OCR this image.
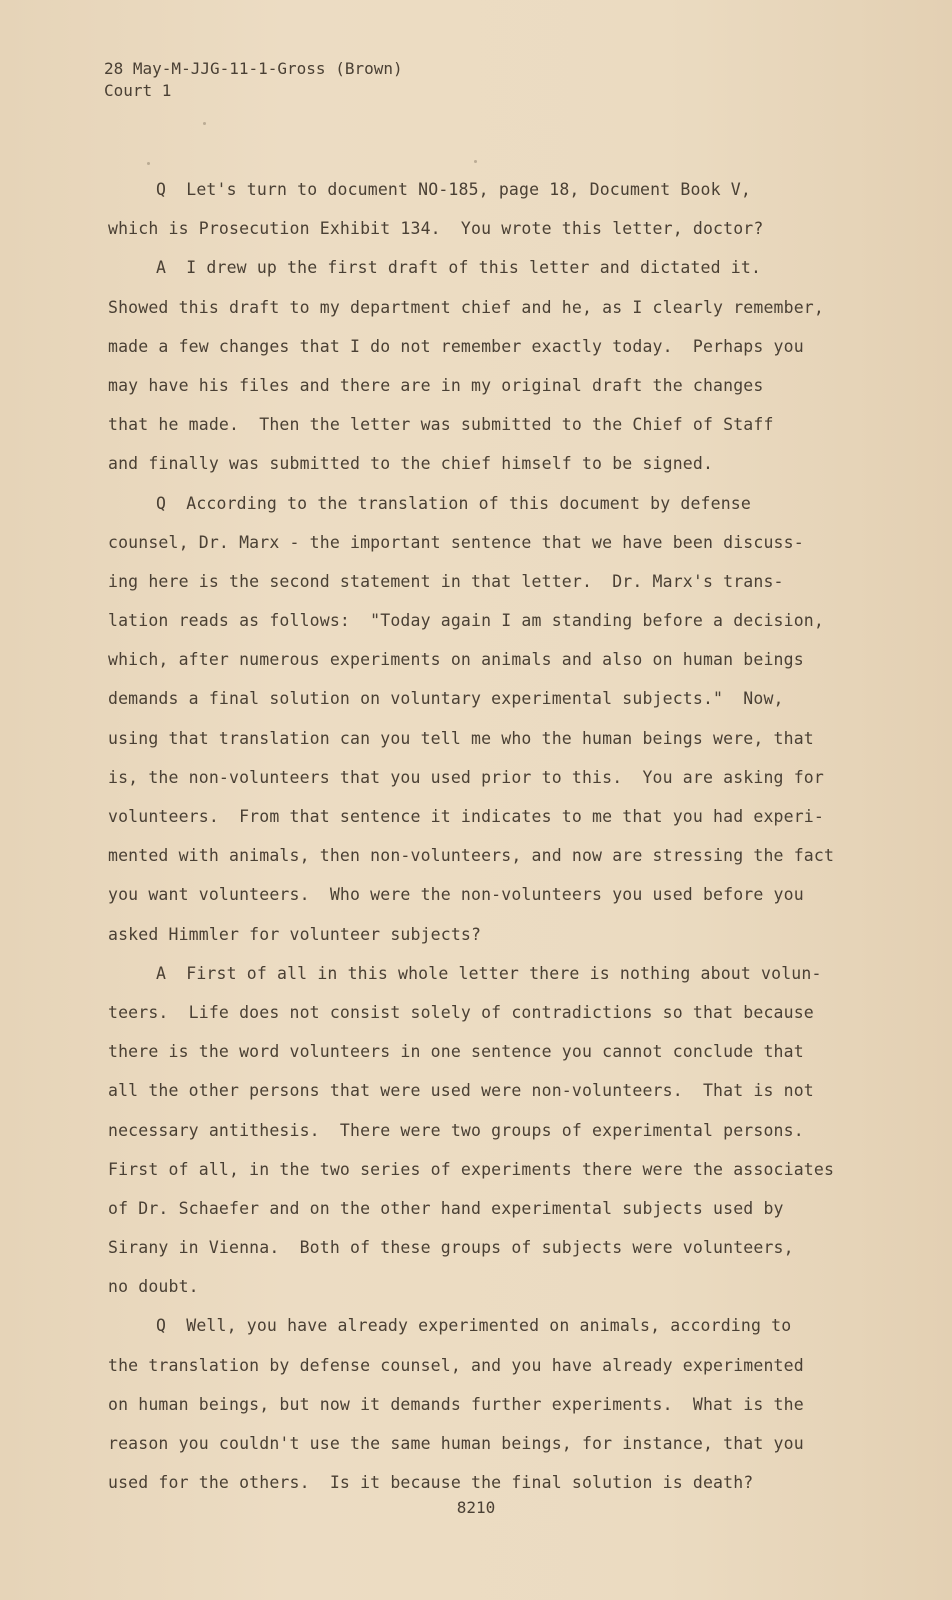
28 May-M-JJG-11-1-Gross (Brown)
Court 1
Q  Let's turn to document NO-185, page 18, Document Book V,
which is Prosecution Exhibit 134.  You wrote this letter, doctor?
A  I drew up the first draft of this letter and dictated it.
Showed this draft to my department chief and he, as I clearly remember,
made a few changes that I do not remember exactly today.  Perhaps you
may have his files and there are in my original draft the changes
that he made.  Then the letter was submitted to the Chief of Staff
and finally was submitted to the chief himself to be signed.
Q  According to the translation of this document by defense
counsel, Dr. Marx - the important sentence that we have been discuss-
ing here is the second statement in that letter.  Dr. Marx's trans-
lation reads as follows:  "Today again I am standing before a decision,
which, after numerous experiments on animals and also on human beings
demands a final solution on voluntary experimental subjects."  Now,
using that translation can you tell me who the human beings were, that
is, the non-volunteers that you used prior to this.  You are asking for
volunteers.  From that sentence it indicates to me that you had experi-
mented with animals, then non-volunteers, and now are stressing the fact
you want volunteers.  Who were the non-volunteers you used before you
asked Himmler for volunteer subjects?
A  First of all in this whole letter there is nothing about volun-
teers.  Life does not consist solely of contradictions so that because
there is the word volunteers in one sentence you cannot conclude that
all the other persons that were used were non-volunteers.  That is not
necessary antithesis.  There were two groups of experimental persons.
First of all, in the two series of experiments there were the associates
of Dr. Schaefer and on the other hand experimental subjects used by
Sirany in Vienna.  Both of these groups of subjects were volunteers,
no doubt.
Q  Well, you have already experimented on animals, according to
the translation by defense counsel, and you have already experimented
on human beings, but now it demands further experiments.  What is the
reason you couldn't use the same human beings, for instance, that you
used for the others.  Is it because the final solution is death?
8210
